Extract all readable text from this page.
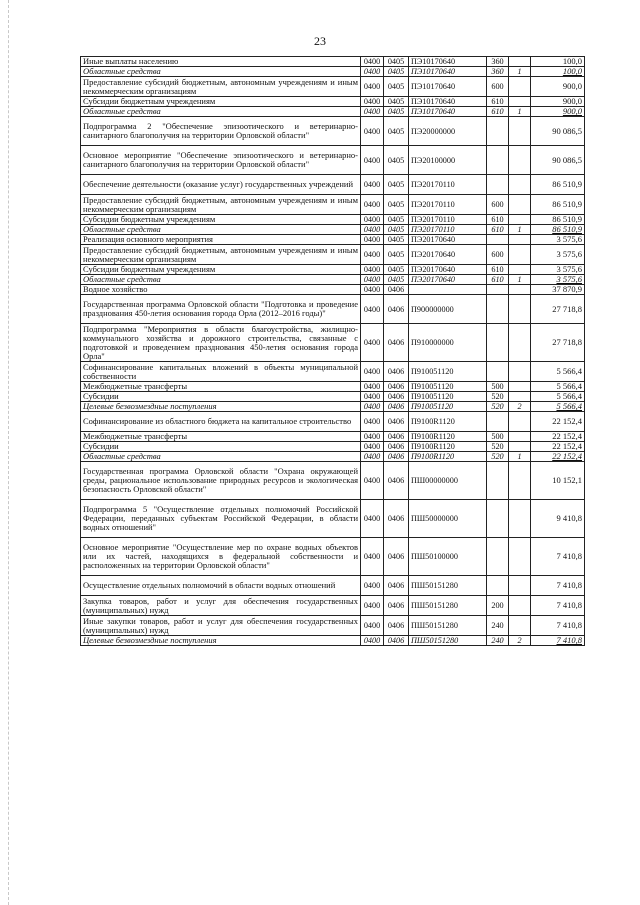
23
Иные выплаты населению	0400	0405	ПЭ10170640	360		100,0
Областные средства	0400	0405	ПЭ10170640	360	1	100,0
Предоставление субсидий бюджетным, автономным учреждениям и иным некоммерческим организациям	0400	0405	ПЭ10170640	600		900,0
Субсидии бюджетным учреждениям	0400	0405	ПЭ10170640	610		900,0
Областные средства	0400	0405	ПЭ10170640	610	1	900,0
Подпрограмма 2 "Обеспечение эпизоотического и ветеринарно-санитарного благополучия на территории Орловской области"	0400	0405	ПЭ20000000			90 086,5
Основное мероприятие "Обеспечение эпизоотического и ветеринарно-санитарного благополучия на территории Орловской области"	0400	0405	ПЭ20100000			90 086,5
Обеспечение деятельности (оказание услуг) государственных учреждений	0400	0405	ПЭ20170110			86 510,9
Предоставление субсидий бюджетным, автономным учреждениям и иным некоммерческим организациям	0400	0405	ПЭ20170110	600		86 510,9
Субсидии бюджетным учреждениям	0400	0405	ПЭ20170110	610		86 510,9
Областные средства	0400	0405	ПЭ20170110	610	1	86 510,9
Реализация основного мероприятия	0400	0405	ПЭ20170640			3 575,6
Предоставление субсидий бюджетным, автономным учреждениям и иным некоммерческим организациям	0400	0405	ПЭ20170640	600		3 575,6
Субсидии бюджетным учреждениям	0400	0405	ПЭ20170640	610		3 575,6
Областные средства	0400	0405	ПЭ20170640	610	1	3 575,6
Водное хозяйство	0400	0406				37 870,9
Государственная программа Орловской области "Подготовка и проведение празднования 450-летия основания города Орла (2012–2016 годы)"	0400	0406	П900000000			27 718,8
Подпрограмма "Мероприятия в области благоустройства, жилищно-коммунального хозяйства и дорожного строительства, связанные с подготовкой и проведением празднования 450-летия основания города Орла"	0400	0406	П910000000			27 718,8
Софинансирование капитальных вложений в объекты муниципальной собственности	0400	0406	П910051120			5 566,4
Межбюджетные трансферты	0400	0406	П910051120	500		5 566,4
Субсидии	0400	0406	П910051120	520		5 566,4
Целевые безвозмездные поступления	0400	0406	П910051120	520	2	5 566,4
Софинансирование из областного бюджета на капитальное строительство	0400	0406	П9100R1120			22 152,4
Межбюджетные трансферты	0400	0406	П9100R1120	500		22 152,4
Субсидии	0400	0406	П9100R1120	520		22 152,4
Областные средства	0400	0406	П9100R1120	520	1	22 152,4
Государственная программа Орловской области "Охрана окружающей среды, рациональное использование природных ресурсов и экологическая безопасность Орловской области"	0400	0406	ПШ00000000			10 152,1
Подпрограмма 5 "Осуществление отдельных полномочий Российской Федерации, переданных субъектам Российской Федерации, в области водных отношений"	0400	0406	ПШ50000000			9 410,8
Основное мероприятие "Осуществление мер по охране водных объектов или их частей, находящихся в федеральной собственности и расположенных на территории Орловской области"	0400	0406	ПШ50100000			7 410,8
Осуществление отдельных полномочий в области водных отношений	0400	0406	ПШ50151280			7 410,8
Закупка товаров, работ и услуг для обеспечения государственных (муниципальных) нужд	0400	0406	ПШ50151280	200		7 410,8
Иные закупки товаров, работ и услуг для обеспечения государственных (муниципальных) нужд	0400	0406	ПШ50151280	240		7 410,8
Целевые безвозмездные поступления	0400	0406	ПШ50151280	240	2	7 410,8
